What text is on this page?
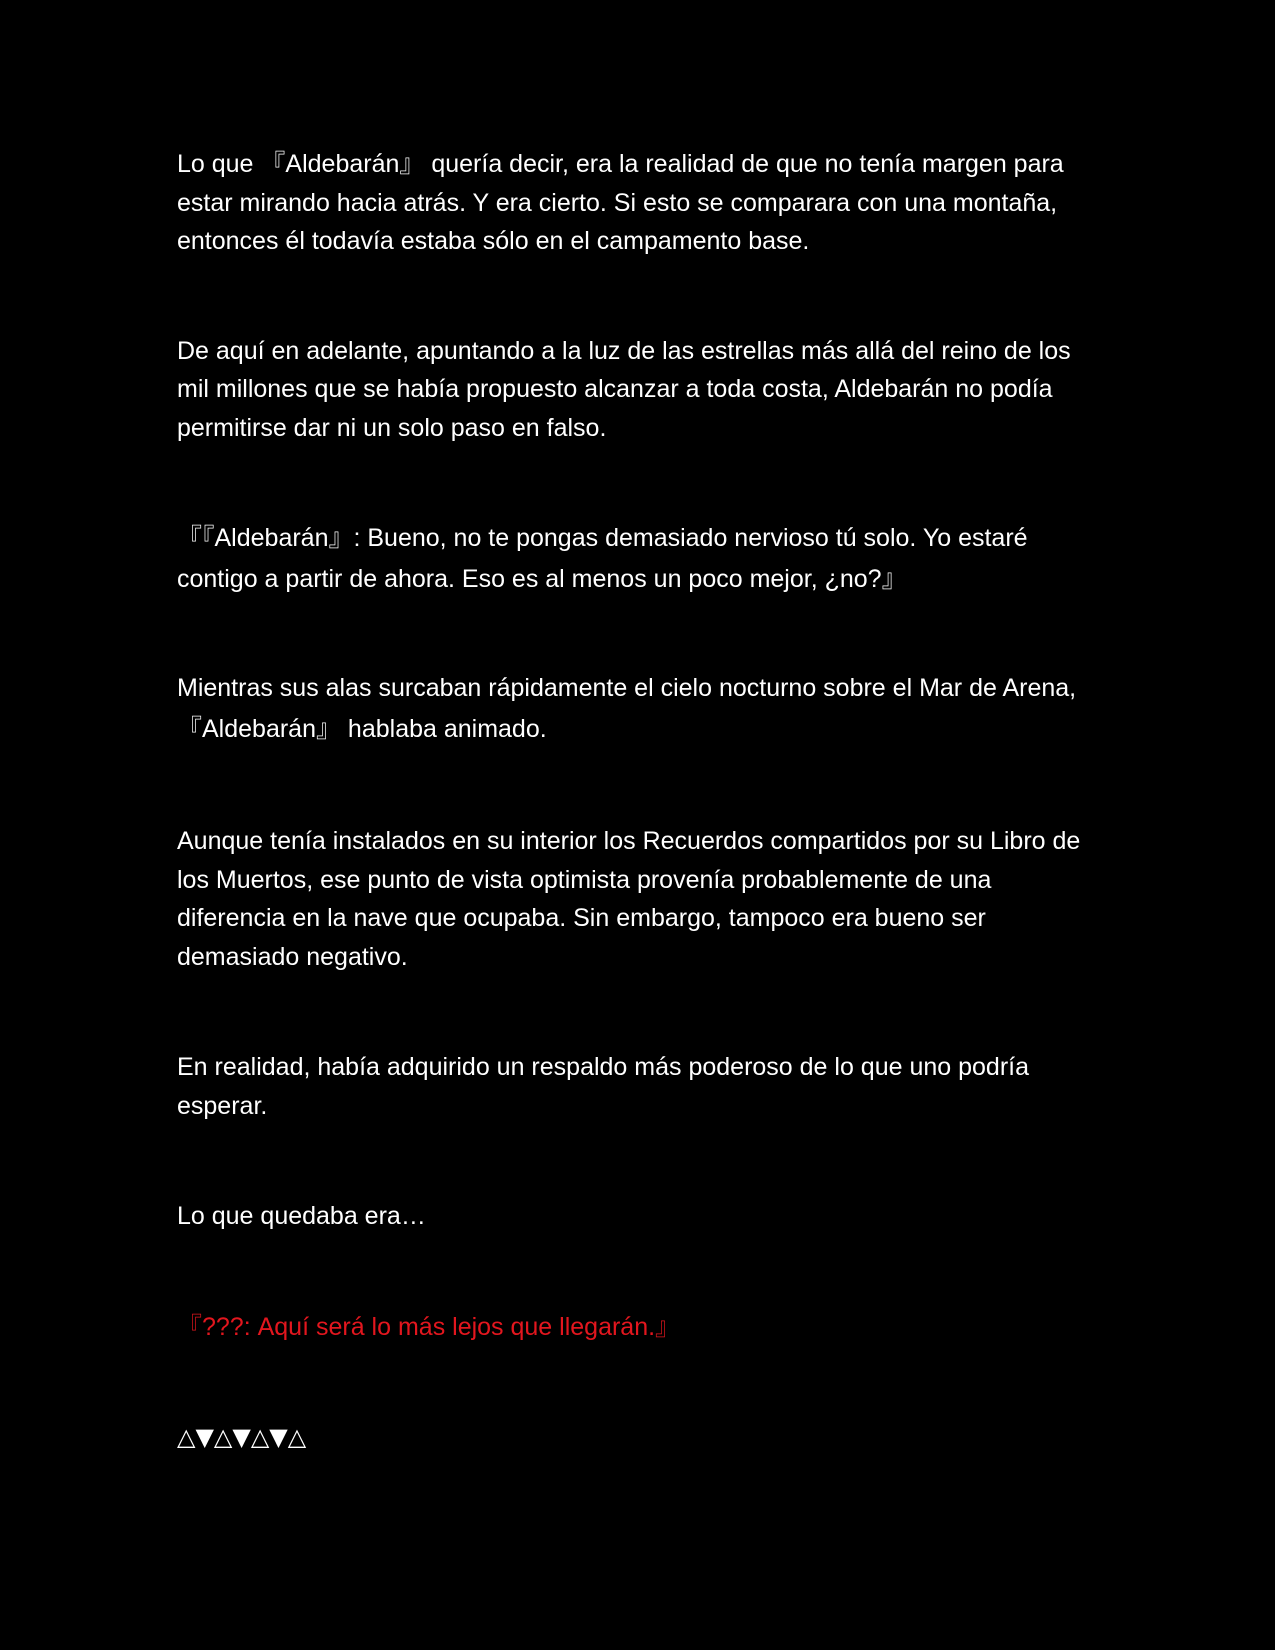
Lo que 『Aldebarán』 quería decir, era la realidad de que no tenía margen para estar mirando hacia atrás. Y era cierto. Si esto se comparara con una montaña, entonces él todavía estaba sólo en el campamento base.

De aquí en adelante, apuntando a la luz de las estrellas más allá del reino de los mil millones que se había propuesto alcanzar a toda costa, Aldebarán no podía permitirse dar ni un solo paso en falso.

『『Aldebarán』: Bueno, no te pongas demasiado nervioso tú solo. Yo estaré contigo a partir de ahora. Eso es al menos un poco mejor, ¿no?』

Mientras sus alas surcaban rápidamente el cielo nocturno sobre el Mar de Arena, 『Aldebarán』 hablaba animado.

Aunque tenía instalados en su interior los Recuerdos compartidos por su Libro de los Muertos, ese punto de vista optimista provenía probablemente de una diferencia en la nave que ocupaba. Sin embargo, tampoco era bueno ser demasiado negativo.

En realidad, había adquirido un respaldo más poderoso de lo que uno podría esperar.

Lo que quedaba era…

『???: Aquí será lo más lejos que llegarán.』

△▼△▼△▼△
